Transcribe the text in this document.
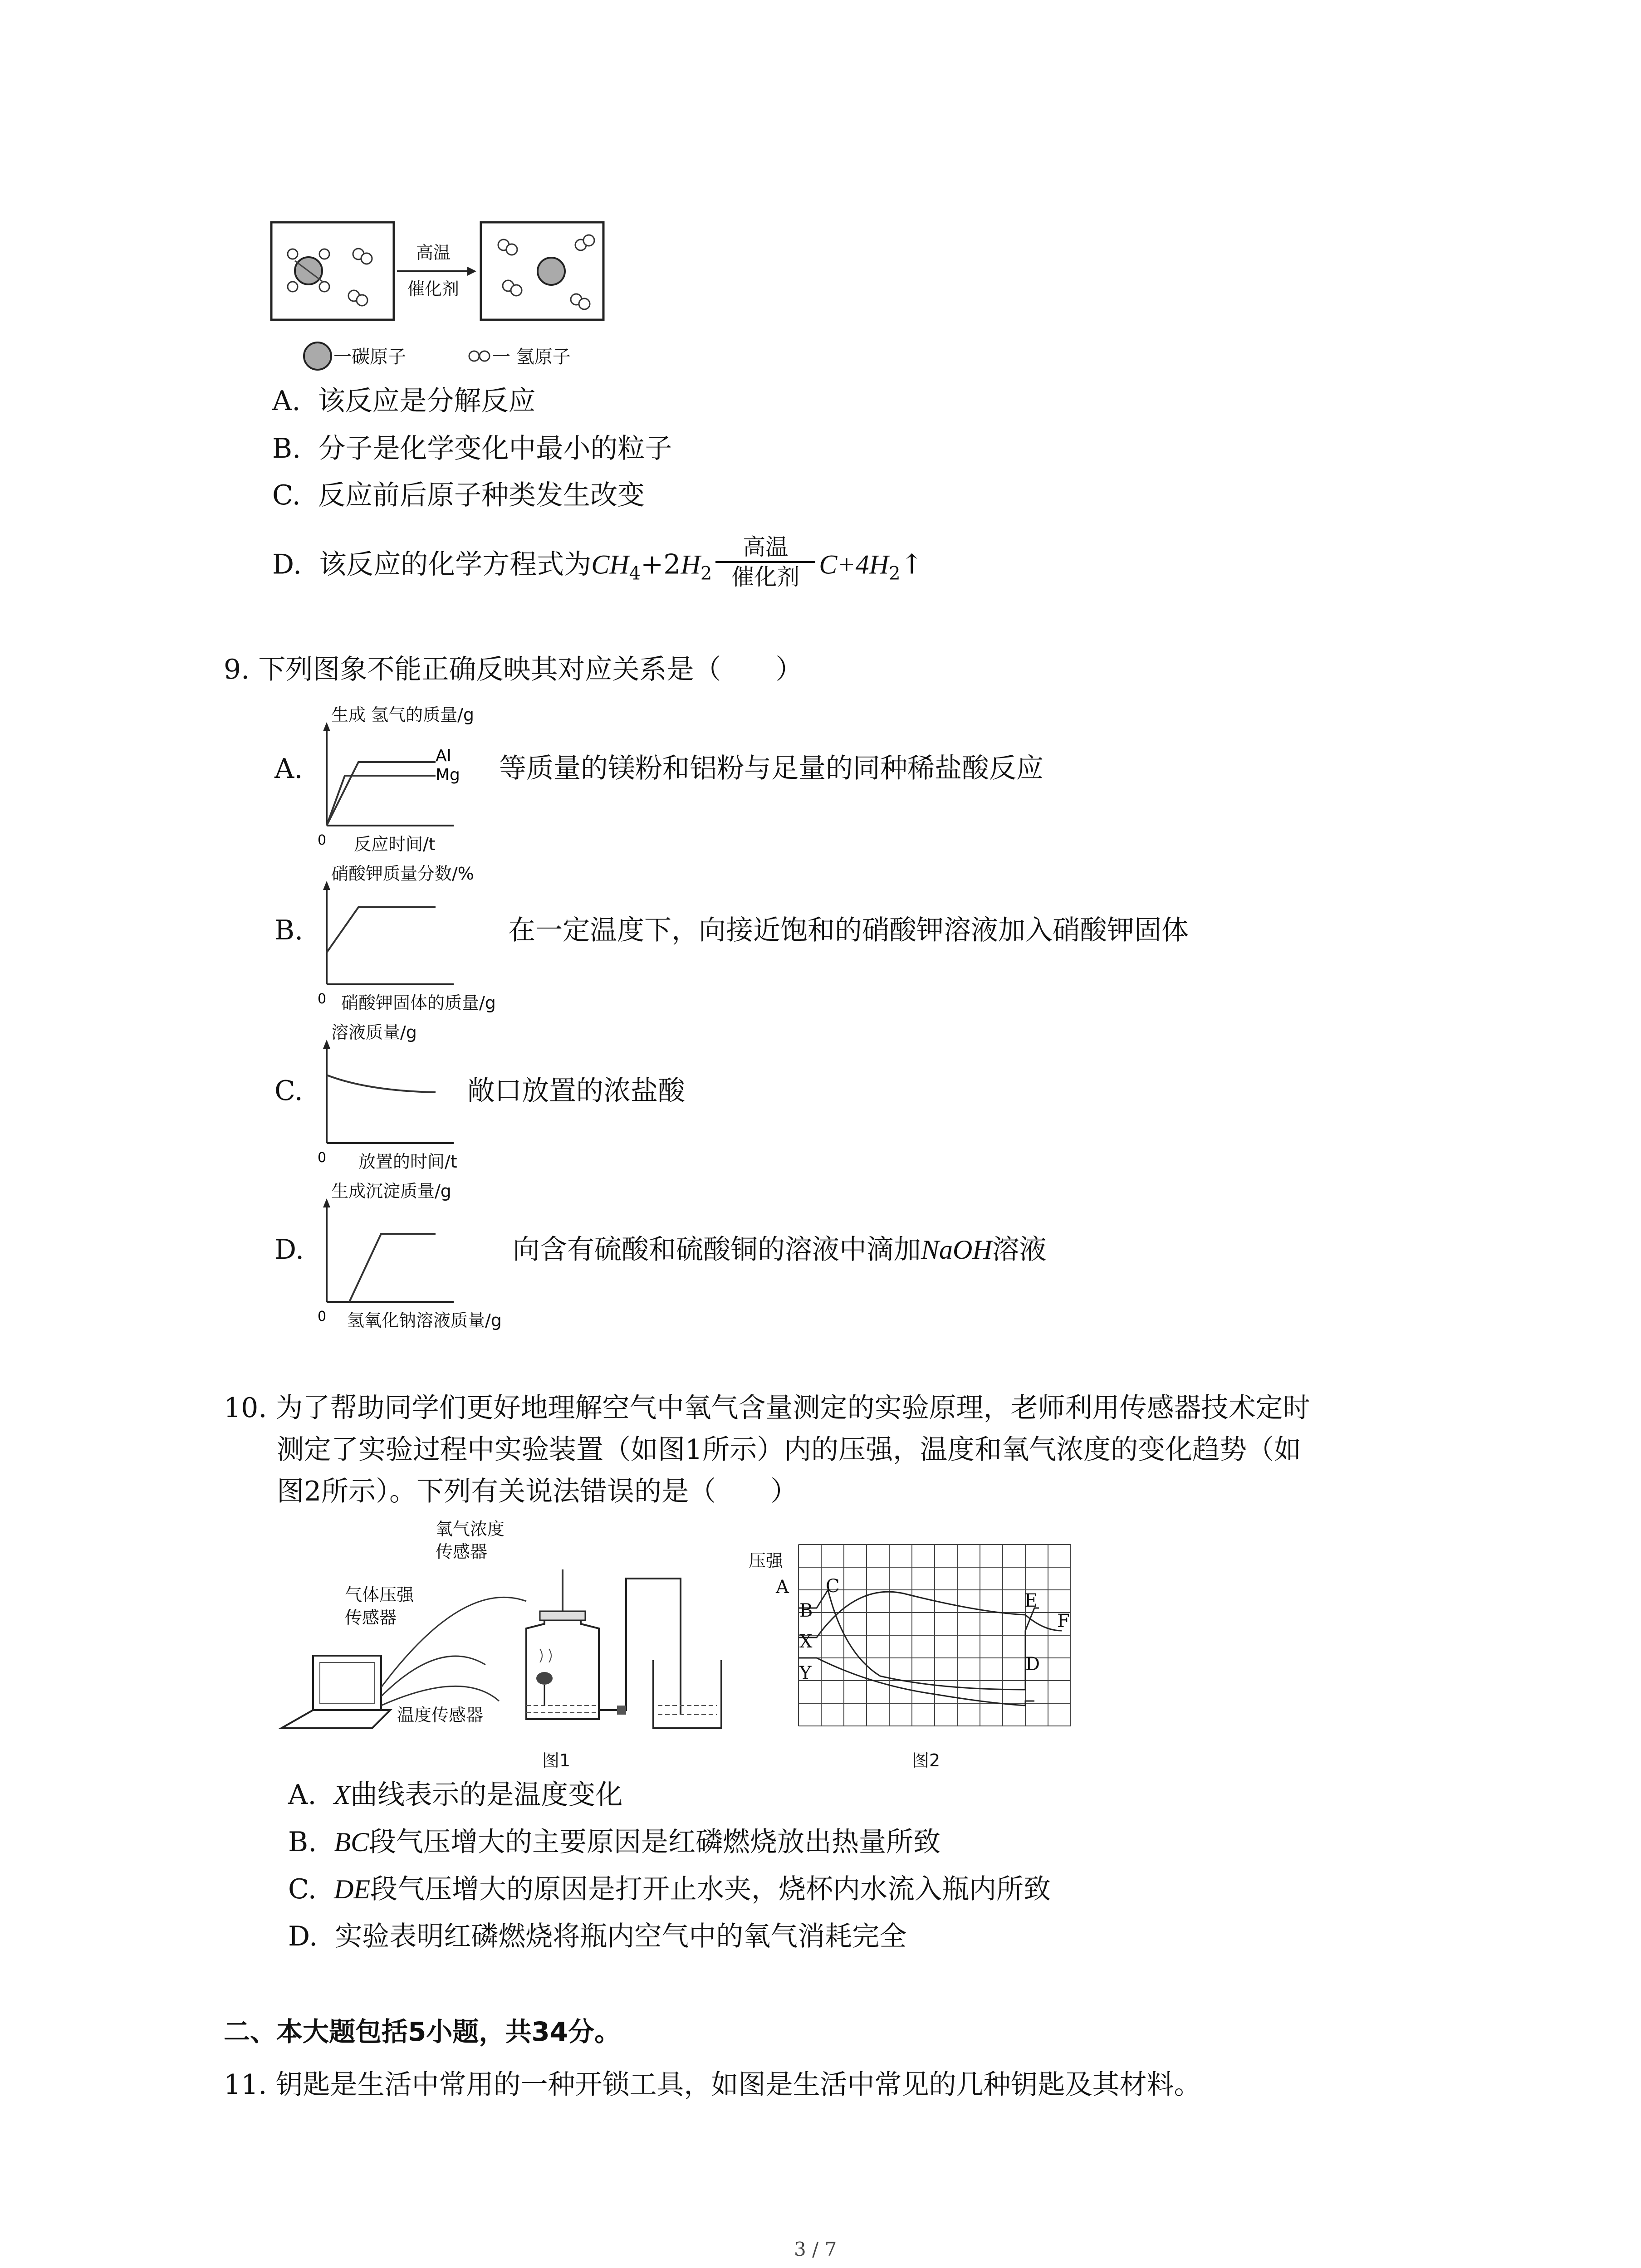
高温
催化剂
一碳原子	一 氢原子
A. 该反应是分解反应
B. 分子是化学变化中最小的粒子
C. 反应前后原子种类发生改变
D. 该反应的化学方程式为$CH_4+2H_2$
高温
催化剂 $C+4H_2↑$
9. 下列图象不能正确反映其对应关系是（　　）
A.	Al
Mg
0
生成 氢气的质量/g
反应时间/t
等质量的镁粉和铝粉与足量的同种稀盐酸反应
B.
0
硝酸钾质量分数/%
硝酸钾固体的质量/g
在一定温度下，向接近饱和的硝酸钾溶液加入硝酸钾固体
C.
0
溶液质量/g
放置的时间/t
敞口放置的浓盐酸
D.
0
生成沉淀质量/g
氢氧化钠溶液质量/g
向含有硫酸和硫酸铜的溶液中滴加NaOH溶液
10. 为了帮助同学们更好地理解空气中氧气含量测定的实验原理，老师利用传感器技术定时
测定了实验过程中实验装置（如图1所示）内的压强，温度和氧气浓度的变化趋势（如
图2所示）。下列有关说法错误的是（　　）
氧气浓度
传感器
气体压强
传感器
温度传感器
图1
压强
A
B
C
X
Y	D
E
F
图2
A. X曲线表示的是温度变化
B. BC段气压增大的主要原因是红磷燃烧放出热量所致
C. DE段气压增大的原因是打开止水夹，烧杯内水流入瓶内所致
D. 实验表明红磷燃烧将瓶内空气中的氧气消耗完全
二、本大题包括5小题，共34分。
11. 钥匙是生活中常用的一种开锁工具，如图是生活中常见的几种钥匙及其材料。
3 / 7
